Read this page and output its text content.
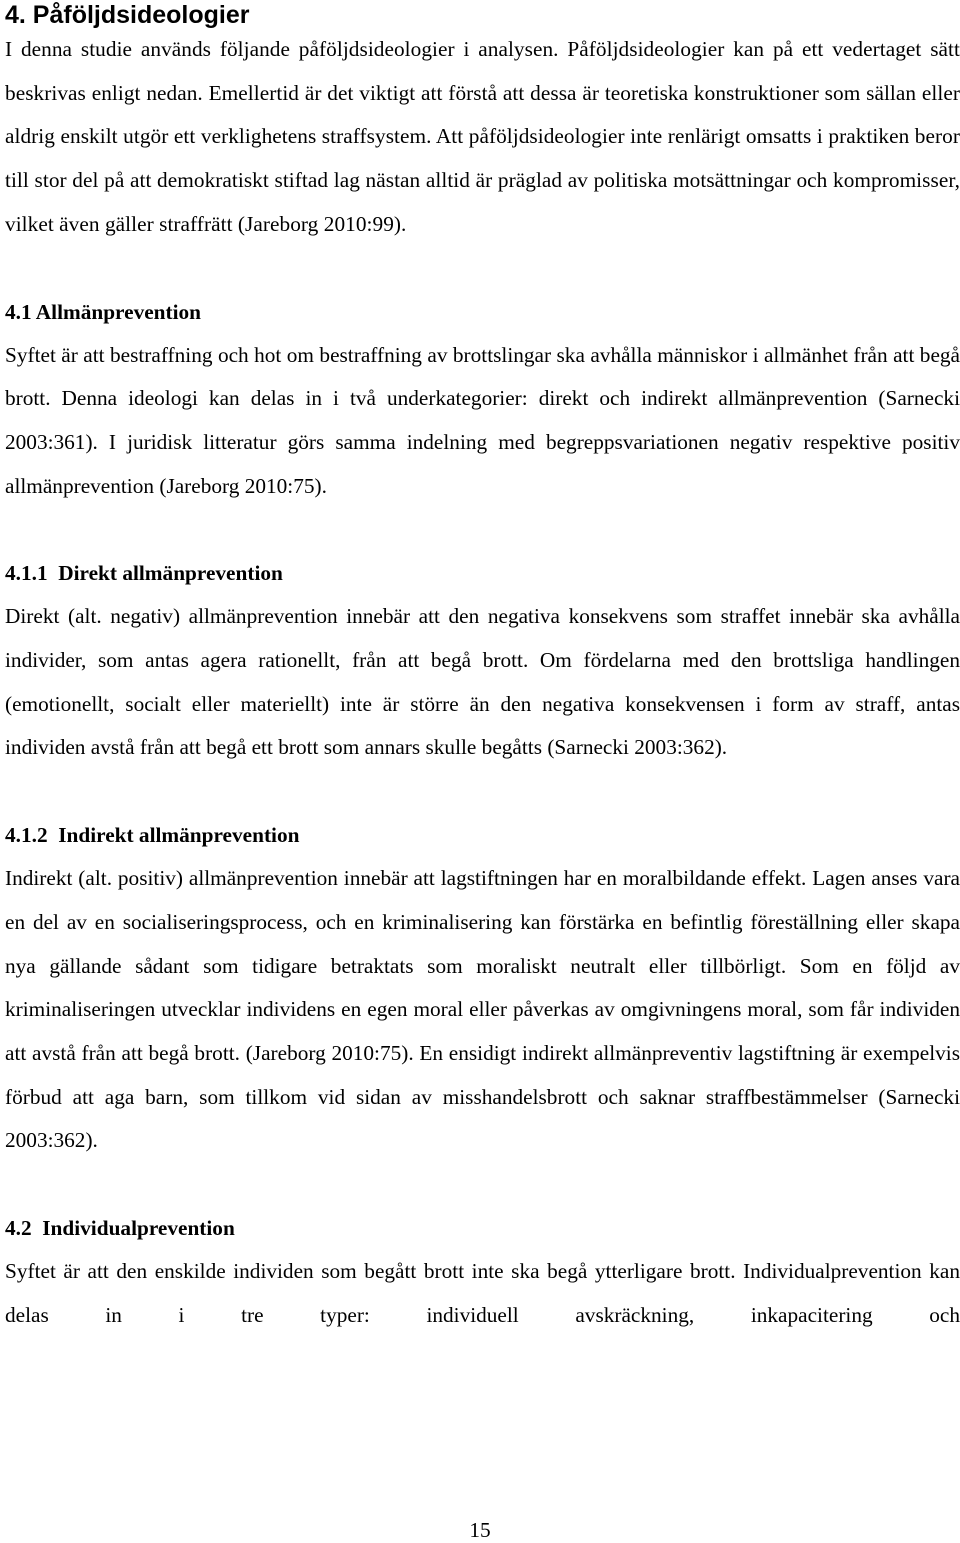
4. Påföljdsideologier

I denna studie används följande påföljdsideologier i analysen. Påföljdsideologier kan på ett vedertaget sätt beskrivas enligt nedan. Emellertid är det viktigt att förstå att dessa är teoretiska konstruktioner som sällan eller aldrig enskilt utgör ett verklighetens straffsystem. Att påföljdsideologier inte renlärigt omsatts i praktiken beror till stor del på att demokratiskt stiftad lag nästan alltid är präglad av politiska motsättningar och kompromisser, vilket även gäller straffrätt (Jareborg 2010:99).

4.1 Allmänprevention

Syftet är att bestraffning och hot om bestraffning av brottslingar ska avhålla människor i allmänhet från att begå brott. Denna ideologi kan delas in i två underkategorier: direkt och indirekt allmänprevention (Sarnecki 2003:361). I juridisk litteratur görs samma indelning med begreppsvariationen negativ respektive positiv allmänprevention (Jareborg 2010:75).

4.1.1  Direkt allmänprevention

Direkt (alt. negativ) allmänprevention innebär att den negativa konsekvens som straffet innebär ska avhålla individer, som antas agera rationellt, från att begå brott. Om fördelarna med den brottsliga handlingen (emotionellt, socialt eller materiellt) inte är större än den negativa konsekvensen i form av straff, antas individen avstå från att begå ett brott som annars skulle begåtts (Sarnecki 2003:362).

4.1.2  Indirekt allmänprevention

Indirekt (alt. positiv) allmänprevention innebär att lagstiftningen har en moralbildande effekt. Lagen anses vara en del av en socialiseringsprocess, och en kriminalisering kan förstärka en befintlig föreställning eller skapa nya gällande sådant som tidigare betraktats som moraliskt neutralt eller tillbörligt. Som en följd av kriminaliseringen utvecklar individens en egen moral eller påverkas av omgivningens moral, som får individen att avstå från att begå brott. (Jareborg 2010:75). En ensidigt indirekt allmänpreventiv lagstiftning är exempelvis förbud att aga barn, som tillkom vid sidan av misshandelsbrott och saknar straffbestämmelser (Sarnecki 2003:362).

4.2  Individualprevention

Syftet är att den enskilde individen som begått brott inte ska begå ytterligare brott. Individualprevention kan delas in i tre typer: individuell avskräckning, inkapacitering och

15
